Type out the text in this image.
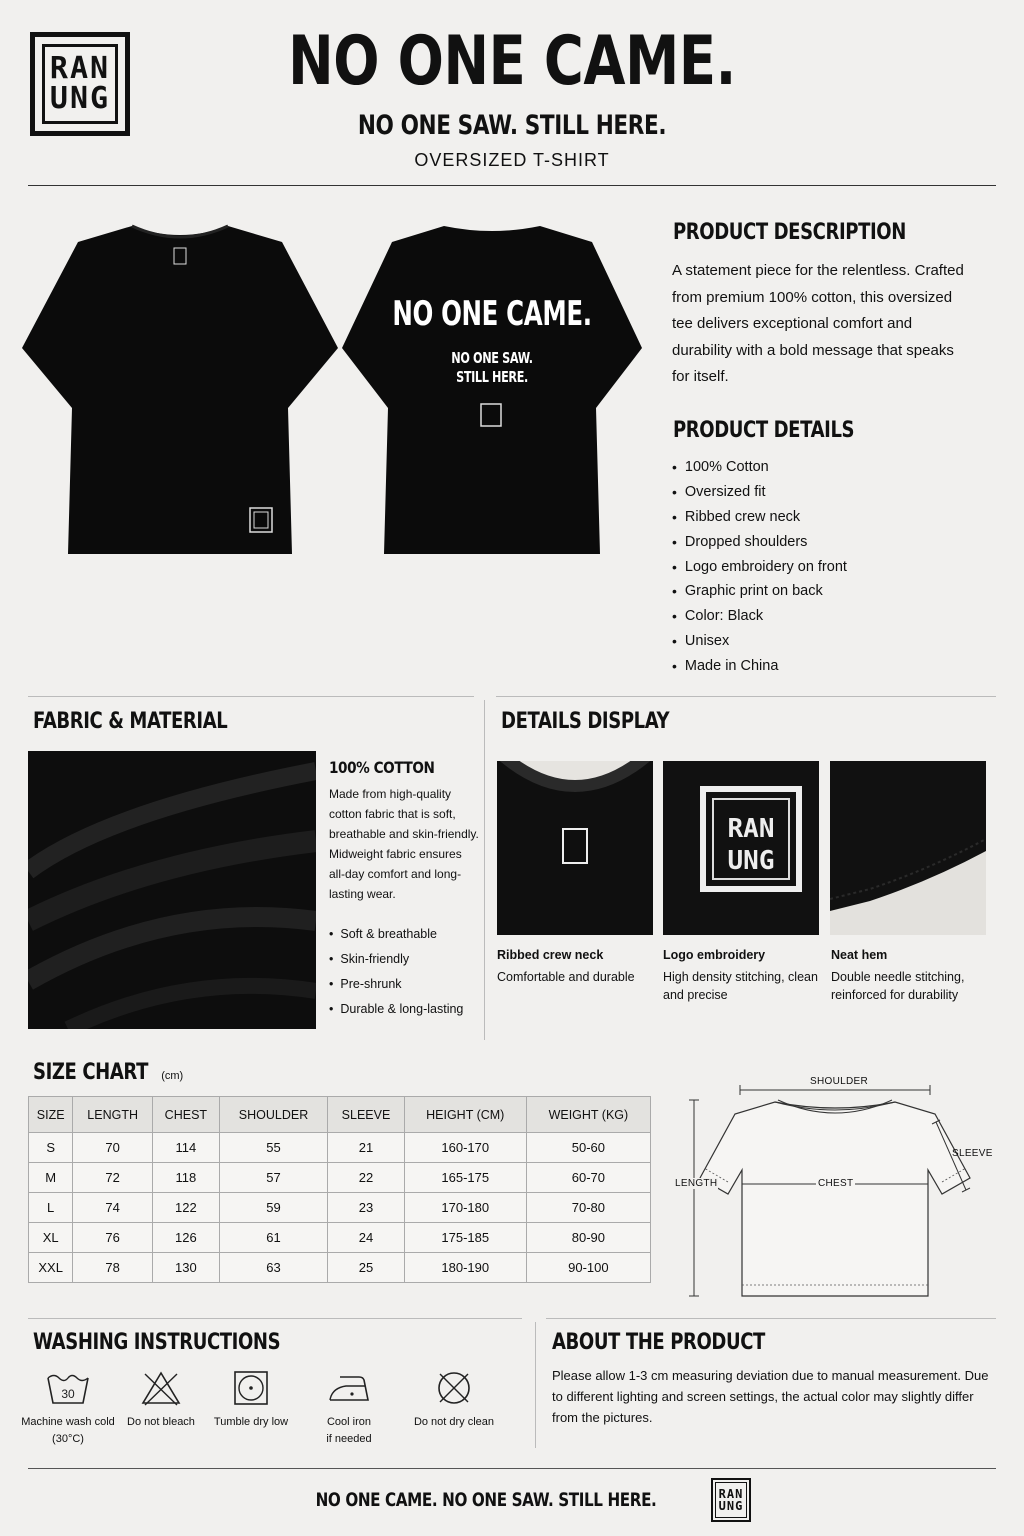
RAN
UNG	NO ONE CAME.
NO ONE SAW. STILL HERE.
OVERSIZED T-SHIRT
NO ONE CAME.
NO ONE SAW.
STILL HERE.
PRODUCT DESCRIPTION
A statement piece for the relentless. Crafted from premium 100% cotton, this oversized tee delivers exceptional comfort and durability with a bold message that speaks for itself.
PRODUCT DETAILS
• 100% Cotton
• Oversized fit
• Ribbed crew neck
• Dropped shoulders
• Logo embroidery on front
• Graphic print on back
• Color: Black
• Unisex
• Made in China
FABRIC & MATERIAL
100% COTTON
Made from high-quality cotton fabric that is soft, breathable and skin-friendly. Midweight fabric ensures all-day comfort and long-lasting wear.
• Soft & breathable
• Skin-friendly
• Pre-shrunk
• Durable & long-lasting
DETAILS DISPLAY
RAN
UNG
Ribbed crew neck
Comfortable and durable
Logo embroidery
High density stitching, clean and precise
Neat hem
Double needle stitching, reinforced for durability
SIZE CHART (cm)
SIZE	LENGTH	CHEST	SHOULDER	SLEEVE	HEIGHT (CM)	WEIGHT (KG)
S	70	114	55	21	160-170	50-60
M	72	118	57	22	165-175	60-70
L	74	122	59	23	170-180	70-80
XL	76	126	61	24	175-185	80-90
XXL	78	130	63	25	180-190	90-100
SHOULDER
LENGTH	CHEST
SLEEVE
WASHING INSTRUCTIONS
30
Machine wash cold
(30°C)
Do not bleach	Tumble dry low	Cool iron
if needed
Do not dry clean
ABOUT THE PRODUCT
Please allow 1-3 cm measuring deviation due to manual measurement. Due to different lighting and screen settings, the actual color may slightly differ from the pictures.
NO ONE CAME. NO ONE SAW. STILL HERE.	RAN
UNG
